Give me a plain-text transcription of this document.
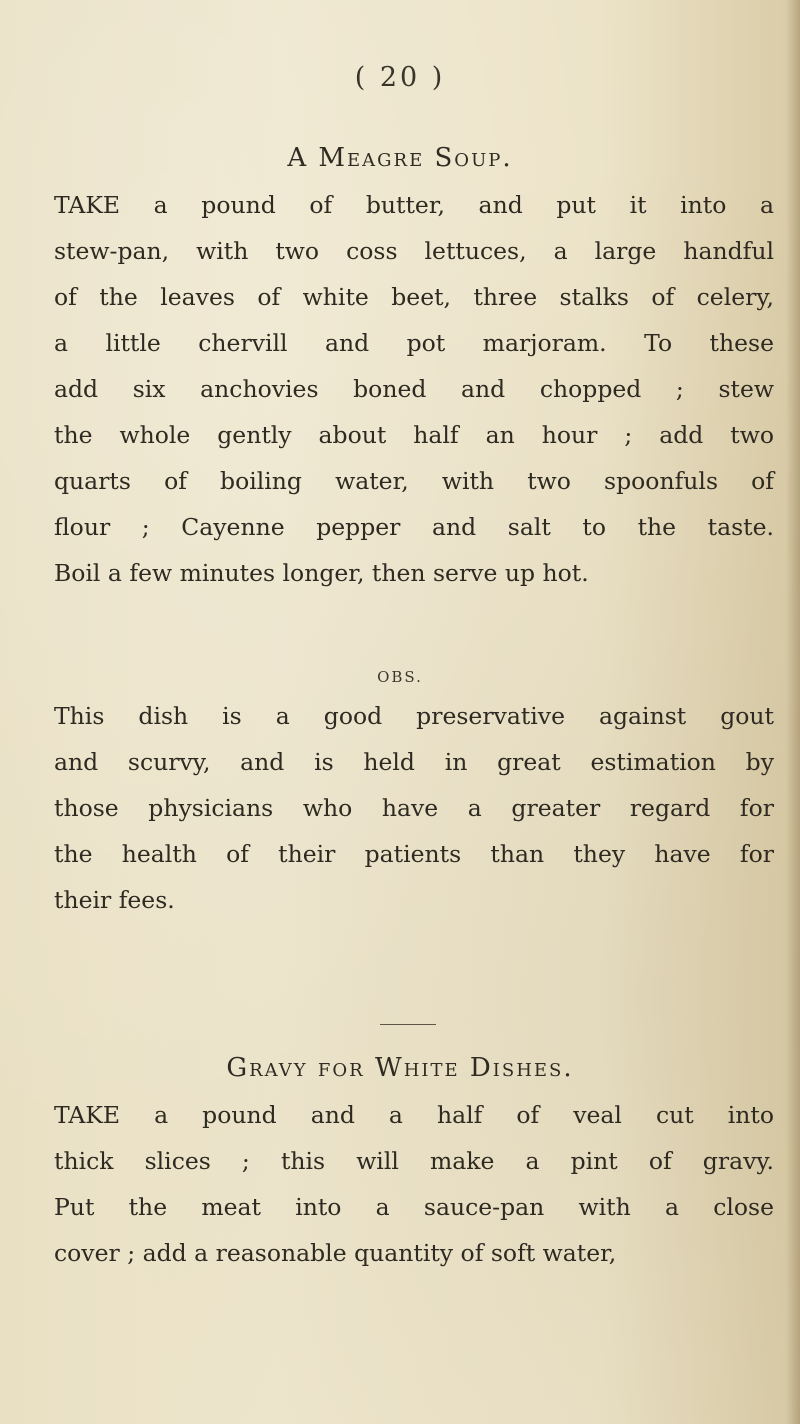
( 20 )
A Meagre Soup.
TAKE a pound of butter, and put it into a
stew-pan, with two coss lettuces, a large handful
of the leaves of white beet, three stalks of celery,
a little chervill and pot marjoram. To these
add six anchovies boned and chopped ; stew
the whole gently about half an hour ; add two
quarts of boiling water, with two spoonfuls of
flour ; Cayenne pepper and salt to the taste.
Boil a few minutes longer, then serve up hot.
OBS.
This dish is a good preservative against gout
and scurvy, and is held in great estimation by
those physicians who have a greater regard for
the health of their patients than they have for
their fees.
Gravy for White Dishes.
TAKE a pound and a half of veal cut into
thick slices ; this will make a pint of gravy.
Put the meat into a sauce-pan with a close
cover ; add a reasonable quantity of soft water,
